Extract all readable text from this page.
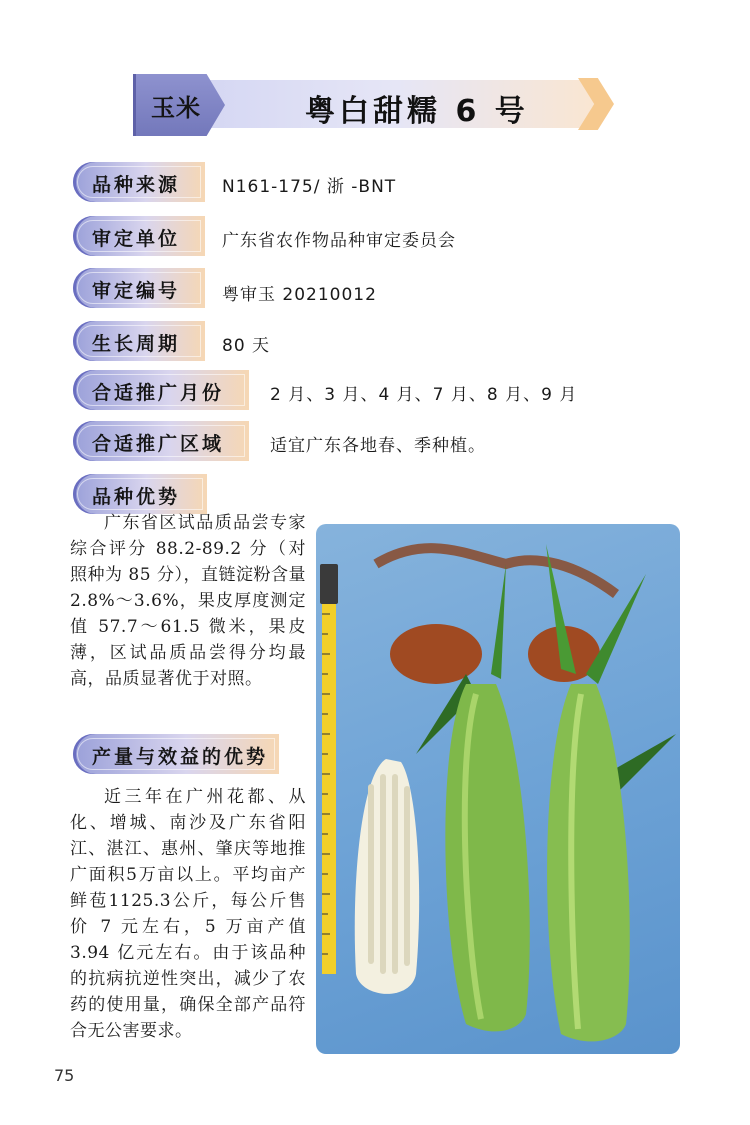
玉米	粤白甜糯 6 号
品种来源 N161-175/ 浙 -BNT
审定单位 广东省农作物品种审定委员会
审定编号 粤审玉 20210012
生长周期 80 天
合适推广月份	2 月、3 月、4 月、7 月、8 月、9 月
合适推广区域	适宜广东各地春、季种植。
品种优势

广东省区试品质品尝专家综合评分 88.2-89.2 分（对照种为 85 分），直链淀粉含量 2.8%～3.6%，果皮厚度测定值 57.7～61.5 微米，果皮薄，区试品质品尝得分均最高，品质显著优于对照。

产量与效益的优势

近三年在广州花都、从化、增城、南沙及广东省阳江、湛江、惠州、肇庆等地推广面积5万亩以上。平均亩产鲜苞1125.3公斤，每公斤售价 7 元左右，5 万亩产值 3.94 亿元左右。由于该品种的抗病抗逆性突出，减少了农药的使用量，确保全部产品符合无公害要求。

75
